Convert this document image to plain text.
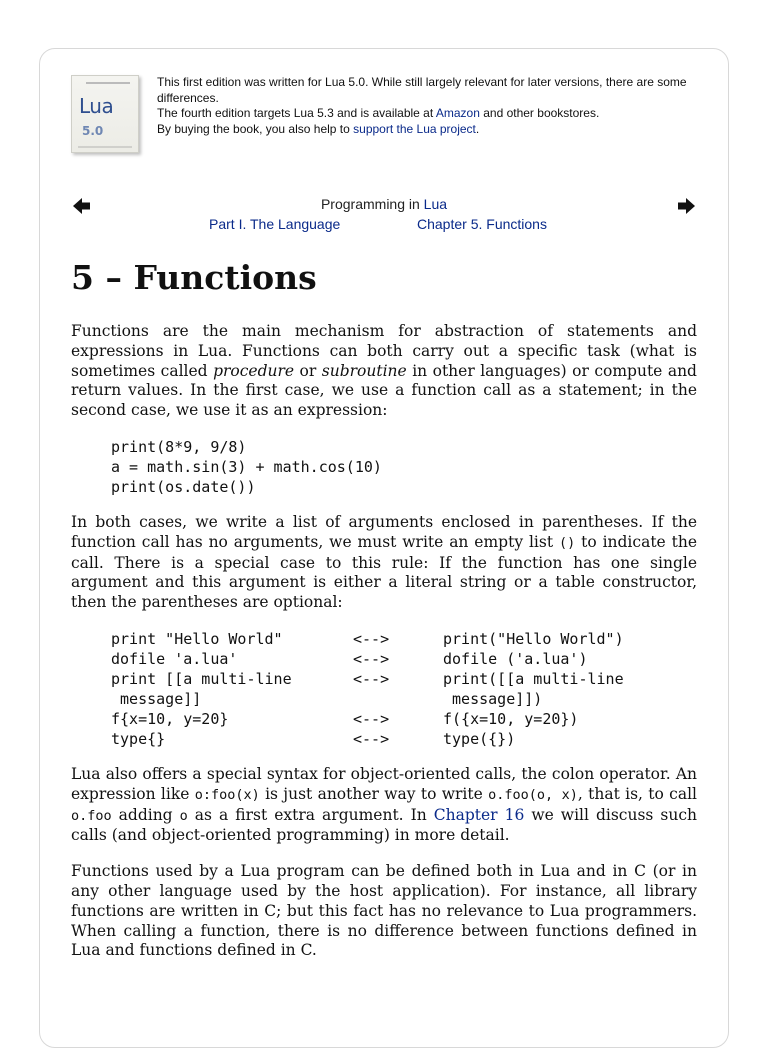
Lua
5.0

This first edition was written for Lua 5.0. While still largely relevant for later versions, there are some differences.

The fourth edition targets Lua 5.3 and is available at Amazon and other bookstores.

By buying the book, you also help to support the Lua project.

Programming in Lua
Part I. The Language	Chapter 5. Functions
5 – Functions

Functions are the main mechanism for abstraction of statements and expressions in Lua. Functions can both carry out a specific task (what is sometimes called procedure or subroutine in other languages) or compute and return values. In the first case, we use a function call as a statement; in the second case, we use it as an expression:

print(8*9, 9/8)
a = math.sin(3) + math.cos(10)
print(os.date())

In both cases, we write a list of arguments enclosed in parentheses. If the function call has no arguments, we must write an empty list () to indicate the call. There is a special case to this rule: If the function has one single argument and this argument is either a literal string or a table constructor, then the parentheses are optional:

print "Hello World"	<-->	print("Hello World")
dofile 'a.lua'	<-->	dofile ('a.lua')
print [[a multi-line
message]]	<-->	print([[a multi-line
message]])
f{x=10, y=20}	<-->	f({x=10, y=20})
type{}	<-->	type({})

Lua also offers a special syntax for object-oriented calls, the colon operator. An expression like o:foo(x) is just another way to write o.foo(o, x), that is, to call o.foo adding o as a first extra argument. In Chapter 16 we will discuss such calls (and object-oriented programming) in more detail.

Functions used by a Lua program can be defined both in Lua and in C (or in any other language used by the host application). For instance, all library functions are written in C; but this fact has no relevance to Lua programmers. When calling a function, there is no difference between functions defined in Lua and functions defined in C.
